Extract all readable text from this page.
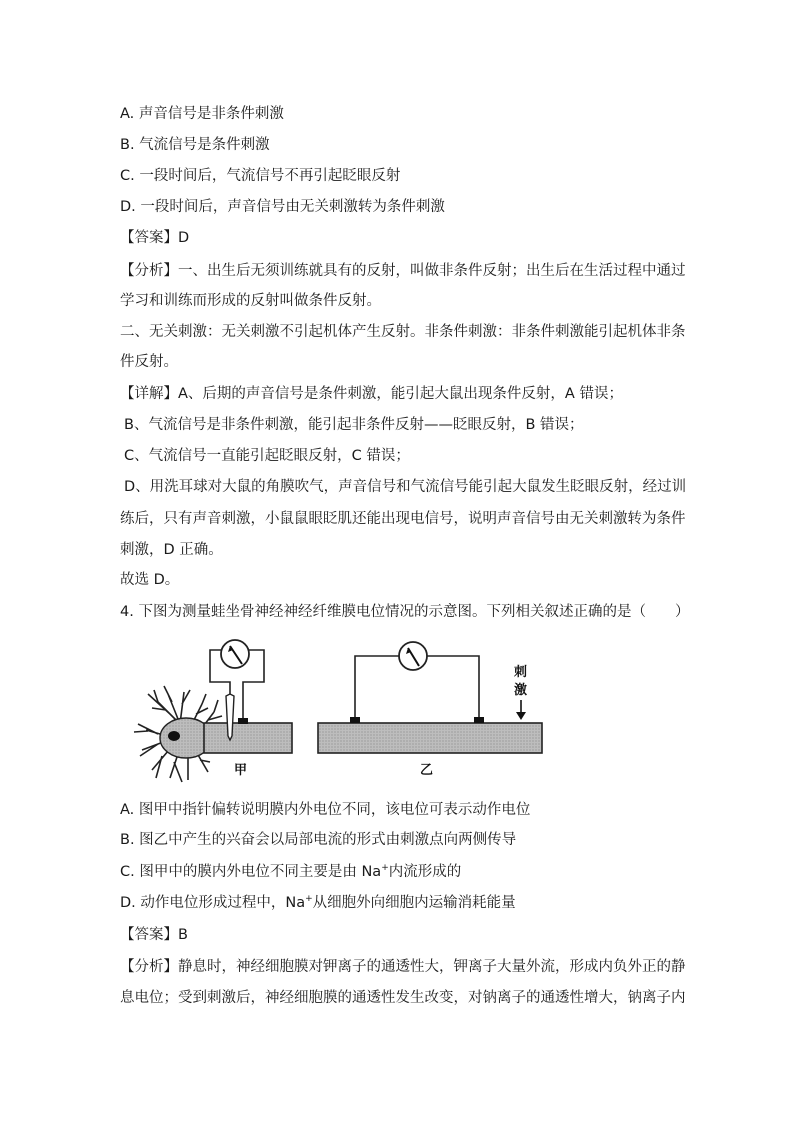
A. 声音信号是非条件刺激
B. 气流信号是条件刺激
C. 一段时间后，气流信号不再引起眨眼反射
D. 一段时间后，声音信号由无关刺激转为条件刺激
【答案】D
【分析】一、出生后无须训练就具有的反射，叫做非条件反射；出生后在生活过程中通过
学习和训练而形成的反射叫做条件反射。
二、无关刺激：无关刺激不引起机体产生反射。非条件刺激：非条件刺激能引起机体非条
件反射。
【详解】A、后期的声音信号是条件刺激，能引起大鼠出现条件反射，A 错误；
B、气流信号是非条件刺激，能引起非条件反射——眨眼反射，B 错误；
C、气流信号一直能引起眨眼反射，C 错误；
D、用洗耳球对大鼠的角膜吹气，声音信号和气流信号能引起大鼠发生眨眼反射，经过训
练后，只有声音刺激，小鼠鼠眼眨肌还能出现电信号，说明声音信号由无关刺激转为条件
刺激，D 正确。
故选 D。
4. 下图为测量蛙坐骨神经神经纤维膜电位情况的示意图。下列相关叙述正确的是（　　）
甲
刺
激
乙
A. 图甲中指针偏转说明膜内外电位不同，该电位可表示动作电位
B. 图乙中产生的兴奋会以局部电流的形式由刺激点向两侧传导
C. 图甲中的膜内外电位不同主要是由 Na+内流形成的
D. 动作电位形成过程中，Na+从细胞外向细胞内运输消耗能量
【答案】B
【分析】静息时，神经细胞膜对钾离子的通透性大，钾离子大量外流，形成内负外正的静
息电位；受到刺激后，神经细胞膜的通透性发生改变，对钠离子的通透性增大，钠离子内
